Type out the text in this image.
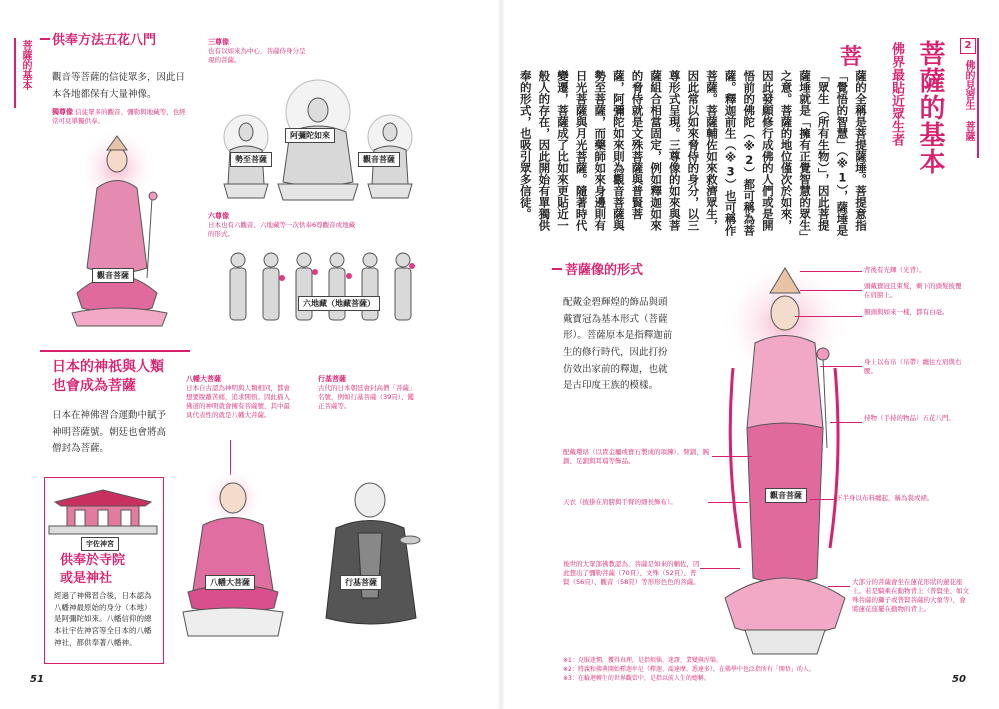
菩薩的基本 供奉方法五花八門
觀音等菩薩的信徒眾多，因此日本各地都保有大量神像。
獨尊像 信徒眾多的觀音、彌勒與地藏等，也經常可見單獨供奉。
觀音菩薩
三尊像
也有以如來為中心，菩薩侍身分呈現的菩薩。
阿彌陀如來
勢至菩薩	觀音菩薩
六尊像
日本也有六觀音、六地藏等一次供奉6尊觀音或地藏的形式。
六地藏（地藏菩薩）
日本的神祇與人類
也會成為菩薩
日本在神佛習合運動中賦予神明菩薩號。朝廷也會將高僧封為菩薩。
八幡大菩薩
日本自古認為神明與人類相同，都會想要脫離苦痛，追求開悟。因此描入佛道的神明就會擁有菩薩號，其中最具代表性的就是八幡大菩薩。
行基菩薩
古代的日本朝廷會封高僧「菩薩」名號，例如行基菩薩（39頁）、鑑正菩薩等。
八幡大菩薩	行基菩薩
宇佐神宮
供奉於寺院
或是神社
經過了神佛習合後，日本認為八幡神最原始的身分（本地）是阿彌陀如來。八幡信仰的總本社宇佐神宮等全日本的八幡神社，都供奉著八幡神。
51
2
佛的見習生 菩薩
菩薩的基本
佛界最貼近眾生者
菩
薩的全稱是菩提薩埵。菩提意指「覺悟的智慧」（※1），薩埵是「眾生（所有生物）」，因此菩提薩埵就是「擁有正覺智慧的眾生」之意。菩薩的地位僅次於如來，因此發願修行成佛的人們或是開悟前的佛陀（※2）都可稱為菩薩。釋迦前生（※3）也可稱作菩薩。菩薩輔佐如來救濟眾生，因此常以如來脅侍的身分，以三尊形式呈現。三尊像的如來與菩薩組合相當固定，例如釋迦如來的脅侍就是文殊菩薩與普賢菩薩，阿彌陀如來則為觀音菩薩與勢至菩薩，而藥師如來身邊則有日光菩薩與月光菩薩。隨著時代變遷，菩薩成了比如來更貼近一般人的存在，因此開始有單獨供奉的形式，也吸引眾多信徒。
菩薩像的形式
配戴金碧輝煌的飾品與頭戴寶冠為基本形式（菩薩形）。菩薩原本是指釋迦前生的修行時代，因此打扮仿效出家前的釋迦，也就是古印度王族的模樣。
觀音菩薩
背後有光輝（光背）。
頭戴寶冠且束髮，剩下的頭髮披覆在肩膀上。
額頭與如來一樣，都有白毫。
身上以布帛（帛帶）纏住左肩與右腰。
持物（手持的物品）五花八門。
配戴瓔珞（以貴金屬或寶石製成的項鍊）、臂釧、腕釧、足釧與耳璫等飾品。
天衣（披掛在肩膀與手臂的細長飾布）。	下半身以布料纏起，稱為裳或裙。
後世的大眾部佛教認為，菩薩是如來的輔佐，因此想出了彌勒菩薩（70頁）、文殊（52頁）、普賢（56頁）、觀音（58頁）等形形色色的菩薩。	大部分的菩薩會坐在蓮花形狀的蓮花座上。若是騎乘在動物背上（普賢坐、如文殊菩薩的獅子或普賢菩薩的大象等），會將蓮花座擺在動物的背上。
※1：克服迷惘，獲得真理，是指煩惱、迷謬、業變與涅槃。
※2：將義和佛典開始釋迦牟尼（釋迦、喬達摩、悉達多），在佛學中也泛指所有「開悟」的人。
※3：在輪迴轉生的世界觀當中，是指以前人生的總稱。	50
